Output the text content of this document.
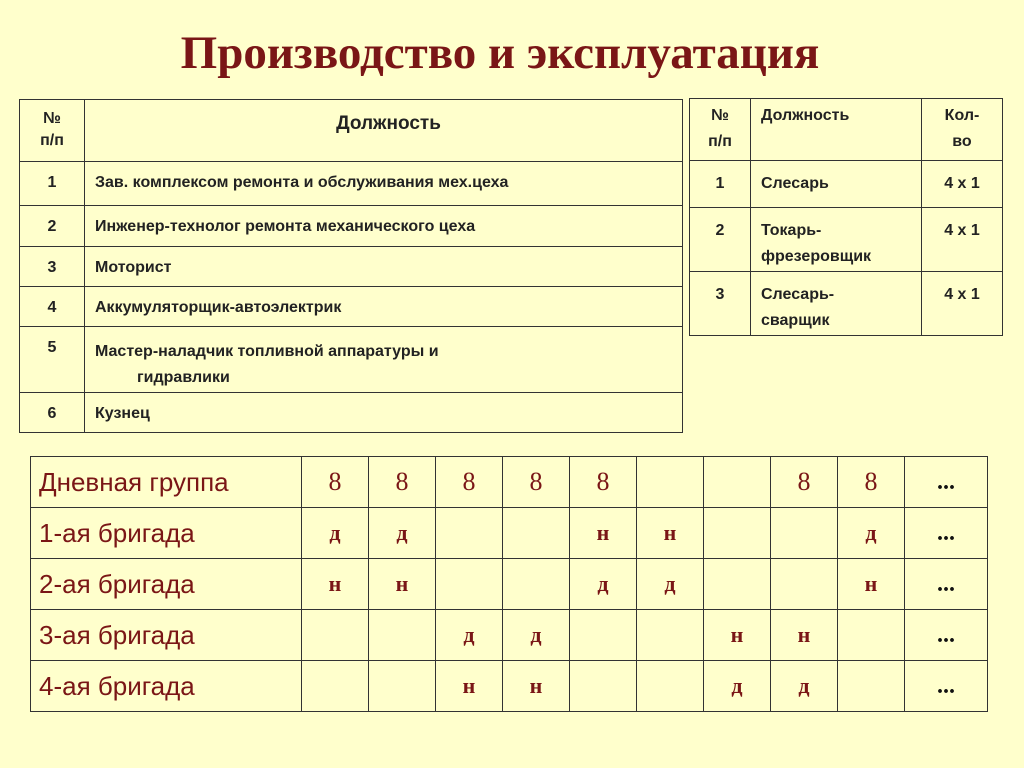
Производство и эксплуатация
№
п/п	Должность
1	Зав. комплексом ремонта и обслуживания мех.цеха
2	Инженер-технолог ремонта механического цеха
3	Моторист
4	Аккумуляторщик-автоэлектрик
5	Мастер-наладчик топливной аппаратуры и
гидравлики

6	Кузнец
№
п/п	Должность	Кол-
во
1	Слесарь	4 х 1
2	Токарь-
фрезеровщик	4 х 1
3	Слесарь-
сварщик	4 х 1
Дневная группа	8	8	8	8	8			8	8	...
1-ая бригада	д	д			н	н			д	...
2-ая бригада	н	н			д	д			н	...
3-ая бригада			д	д			н	н		...
4-ая бригада			н	н			д	д		...
